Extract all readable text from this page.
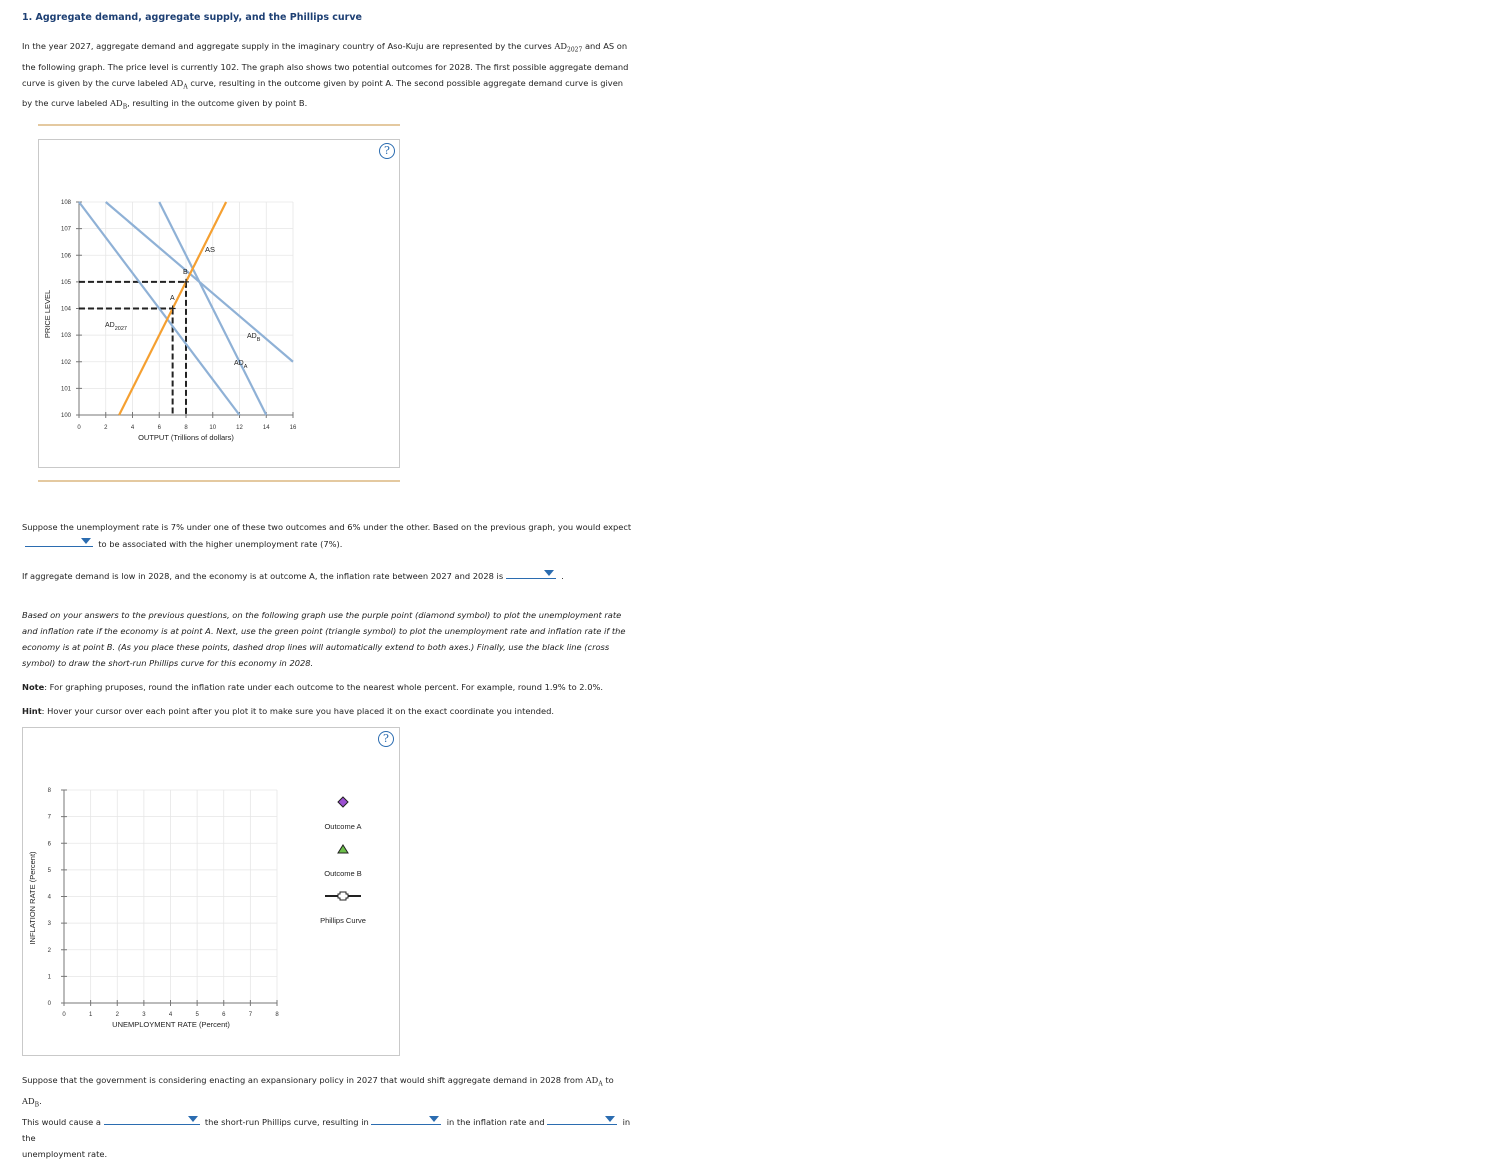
1. Aggregate demand, aggregate supply, and the Phillips curve
In the year 2027, aggregate demand and aggregate supply in the imaginary country of Aso-Kuju are represented by the curves $AD_{2027}$ and AS on the following graph. The price level is currently 102. The graph also shows two potential outcomes for 2028. The first possible aggregate demand curve is given by the curve labeled $AD_A$ curve, resulting in the outcome given by point A. The second possible aggregate demand curve is given by the curve labeled $AD_B$, resulting in the outcome given by point B.
?
PRICE LEVEL
OUTPUT (Trillions of dollars)
108
107
106
105
104
103
102
101
100
0	2	4	6	8	10	12	14	16
AS
$AD_{2027}$
$AD_B$
$AD_A$
A
B
Suppose the unemployment rate is 7% under one of these two outcomes and 6% under the other. Based on the previous graph, you would expect

to be associated with the higher unemployment rate (7%).
If aggregate demand is low in 2028, and the economy is at outcome A, the inflation rate between 2027 and 2028 is	.
Based on your answers to the previous questions, on the following graph use the purple point (diamond symbol) to plot the unemployment rate and inflation rate if the economy is at point A. Next, use the green point (triangle symbol) to plot the unemployment rate and inflation rate if the economy is at point B. (As you place these points, dashed drop lines will automatically extend to both axes.) Finally, use the black line (cross symbol) to draw the short-run Phillips curve for this economy in 2028.
Note: For graphing pruposes, round the inflation rate under each outcome to the nearest whole percent. For example, round 1.9% to 2.0%.
Hint: Hover your cursor over each point after you plot it to make sure you have placed it on the exact coordinate you intended.
?
INFLATION RATE (Percent)
UNEMPLOYMENT RATE (Percent)
8
7
6
5
4
3
2
1
0
0	1	2	3	4	5	6	7	8
Outcome A
Outcome B
Phillips Curve
Suppose that the government is considering enacting an expansionary policy in 2027 that would shift aggregate demand in 2028 from $AD_A$ to $AD_B$.
This would cause a	the short-run Phillips curve, resulting in	in the inflation rate and	in the
unemployment rate.
